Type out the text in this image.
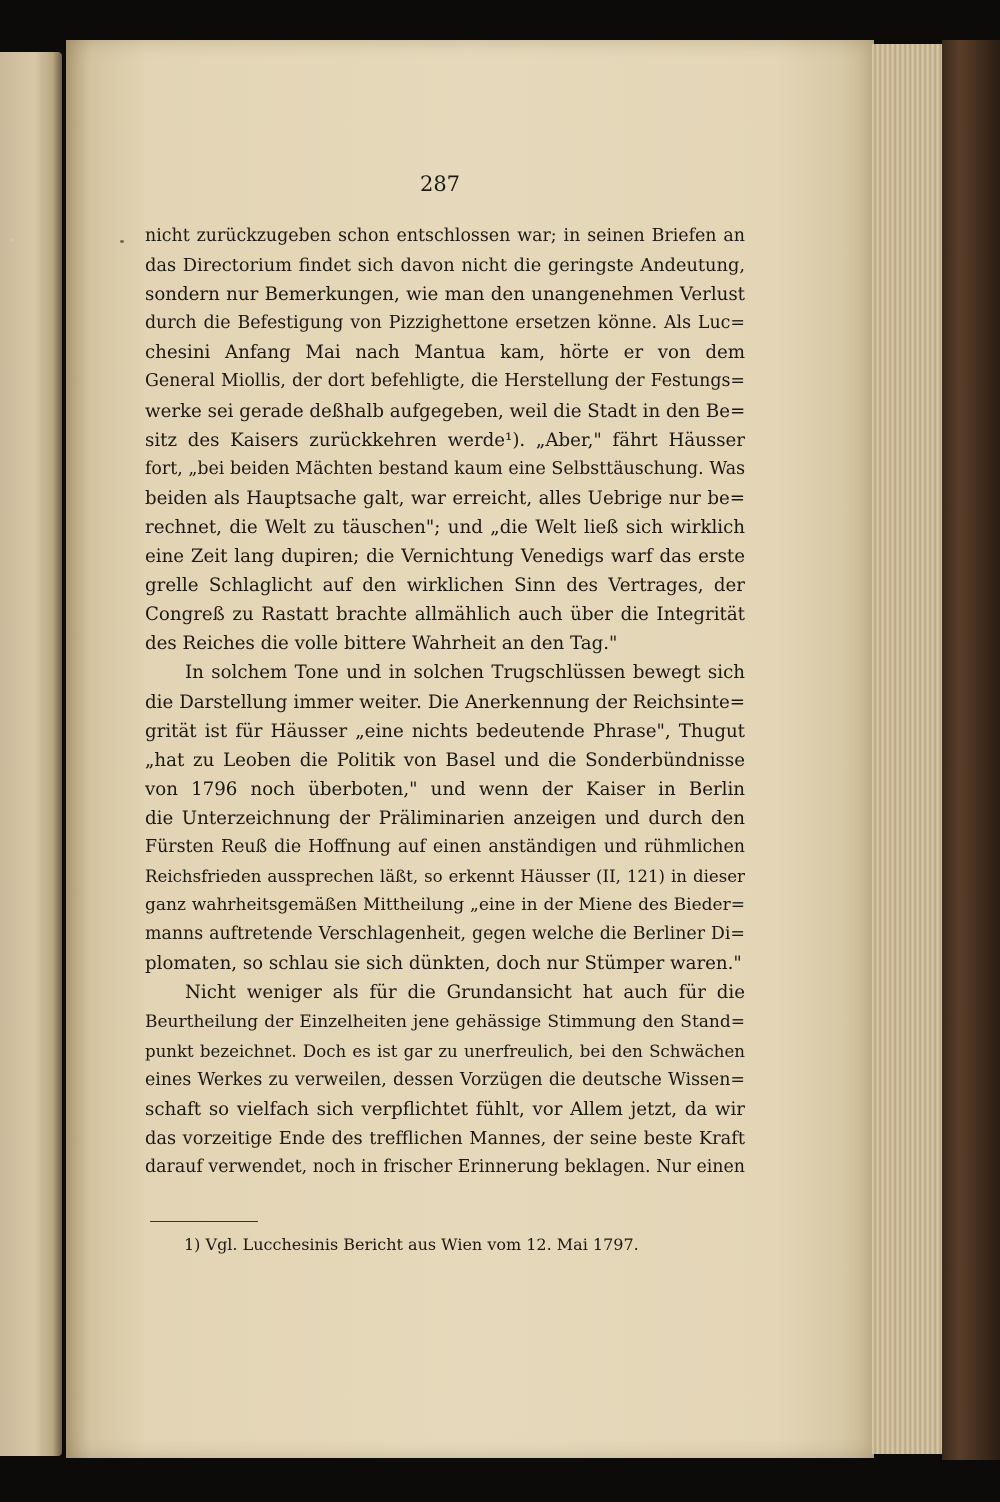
287
nicht zurückzugeben schon entschlossen war; in seinen Briefen an
das Directorium findet sich davon nicht die geringste Andeutung,
sondern nur Bemerkungen, wie man den unangenehmen Verlust
durch die Befestigung von Pizzighettone ersetzen könne. Als Luc=
chesini Anfang Mai nach Mantua kam, hörte er von dem
General Miollis, der dort befehligte, die Herstellung der Festungs=
werke sei gerade deßhalb aufgegeben, weil die Stadt in den Be=
sitz des Kaisers zurückkehren werde¹). „Aber," fährt Häusser
fort, „bei beiden Mächten bestand kaum eine Selbsttäuschung. Was
beiden als Hauptsache galt, war erreicht, alles Uebrige nur be=
rechnet, die Welt zu täuschen"; und „die Welt ließ sich wirklich
eine Zeit lang dupiren; die Vernichtung Venedigs warf das erste
grelle Schlaglicht auf den wirklichen Sinn des Vertrages, der
Congreß zu Rastatt brachte allmählich auch über die Integrität
des Reiches die volle bittere Wahrheit an den Tag."
In solchem Tone und in solchen Trugschlüssen bewegt sich
die Darstellung immer weiter. Die Anerkennung der Reichsinte=
grität ist für Häusser „eine nichts bedeutende Phrase", Thugut
„hat zu Leoben die Politik von Basel und die Sonderbündnisse
von 1796 noch überboten," und wenn der Kaiser in Berlin
die Unterzeichnung der Präliminarien anzeigen und durch den
Fürsten Reuß die Hoffnung auf einen anständigen und rühmlichen
Reichsfrieden aussprechen läßt, so erkennt Häusser (II, 121) in dieser
ganz wahrheitsgemäßen Mittheilung „eine in der Miene des Bieder=
manns auftretende Verschlagenheit, gegen welche die Berliner Di=
plomaten, so schlau sie sich dünkten, doch nur Stümper waren."
Nicht weniger als für die Grundansicht hat auch für die
Beurtheilung der Einzelheiten jene gehässige Stimmung den Stand=
punkt bezeichnet. Doch es ist gar zu unerfreulich, bei den Schwächen
eines Werkes zu verweilen, dessen Vorzügen die deutsche Wissen=
schaft so vielfach sich verpflichtet fühlt, vor Allem jetzt, da wir
das vorzeitige Ende des trefflichen Mannes, der seine beste Kraft
darauf verwendet, noch in frischer Erinnerung beklagen. Nur einen
1) Vgl. Lucchesinis Bericht aus Wien vom 12. Mai 1797.
